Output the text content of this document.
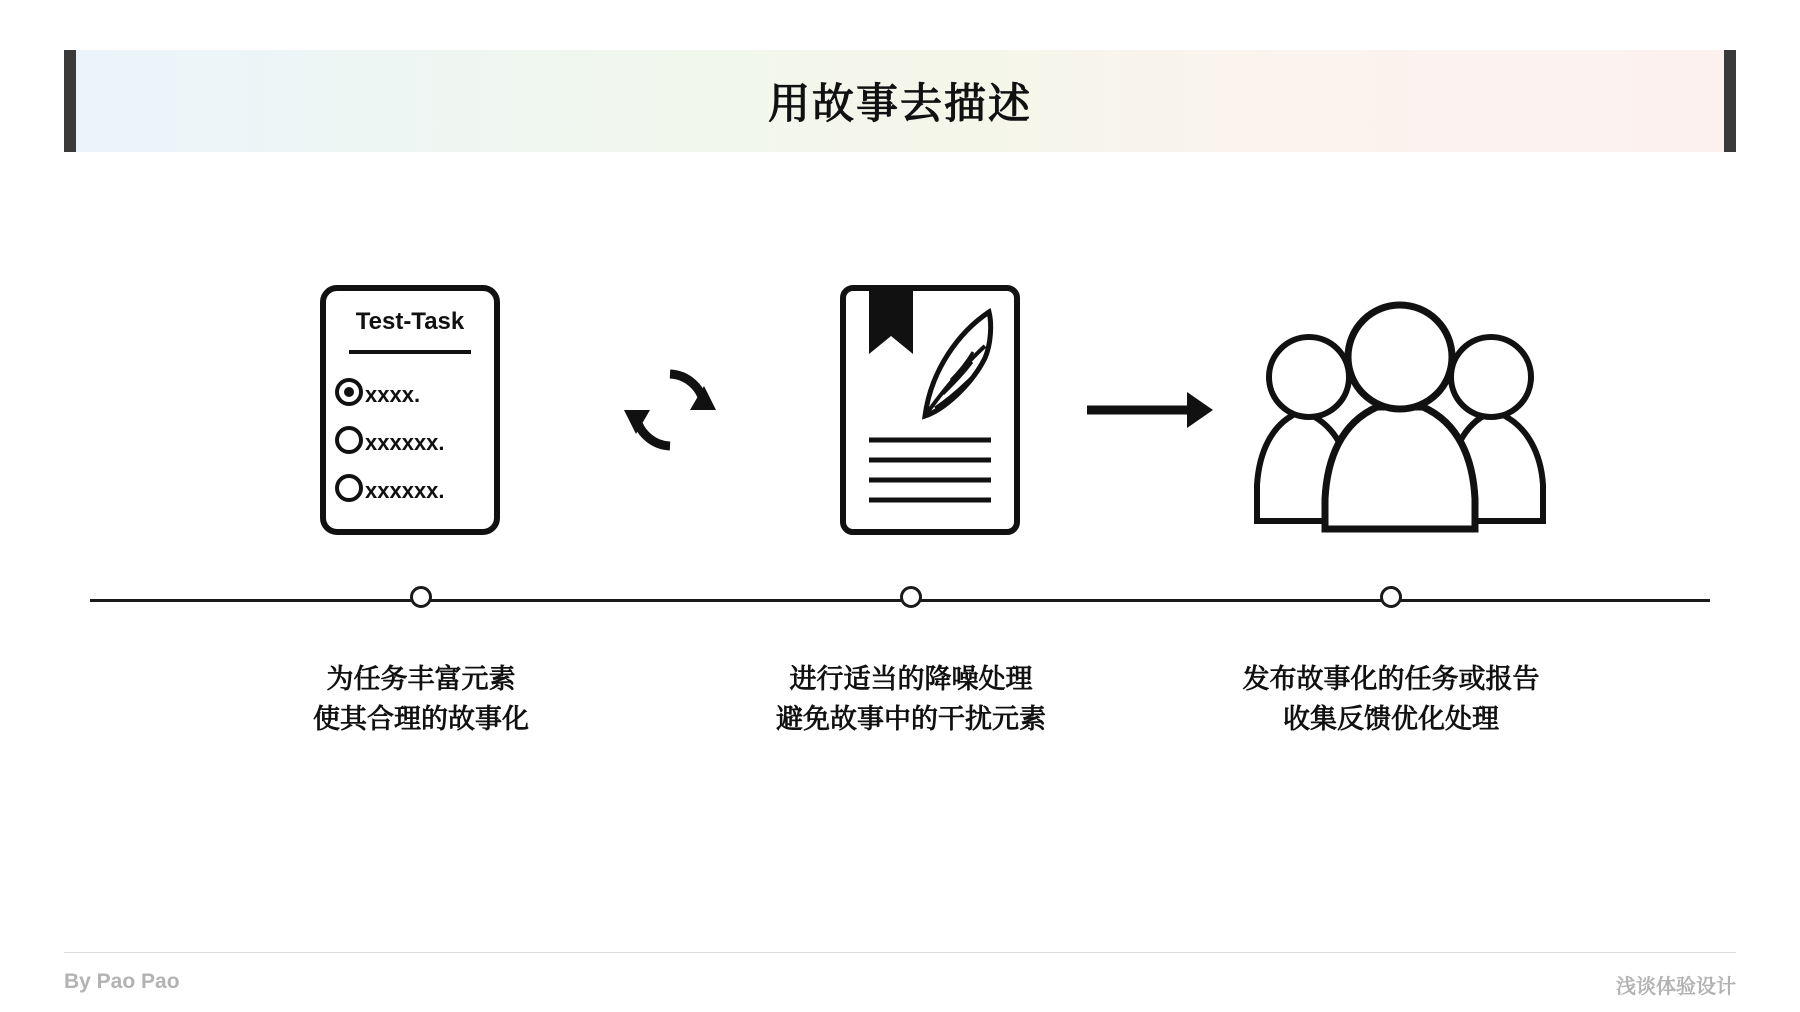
用故事去描述
Test-Task
xxxx.
xxxxxx.
xxxxxx.
为任务丰富元素
使其合理的故事化
进行适当的降噪处理
避免故事中的干扰元素
发布故事化的任务或报告
收集反馈优化处理
By Pao Pao	浅谈体验设计
